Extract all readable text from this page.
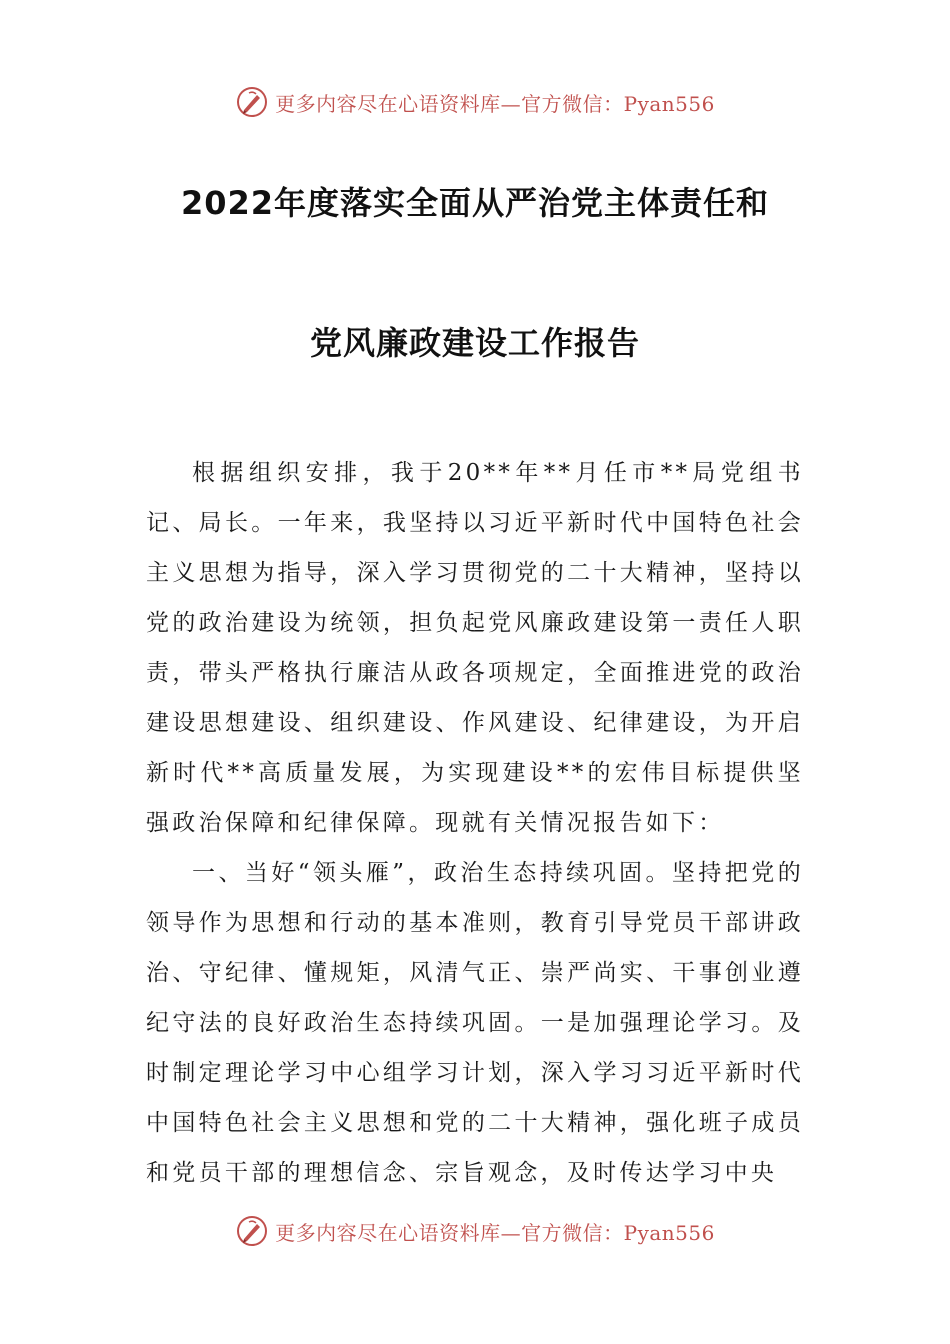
更多内容尽在心语资料库—官方微信：Pyan556
2022年度落实全面从严治党主体责任和
党风廉政建设工作报告

根据组织安排，我于20**年**月任市**局党组书记、局长。一年来，我坚持以习近平新时代中国特色社会主义思想为指导，深入学习贯彻党的二十大精神，坚持以党的政治建设为统领，担负起党风廉政建设第一责任人职责，带头严格执行廉洁从政各项规定，全面推进党的政治建设思想建设、组织建设、作风建设、纪律建设，为开启新时代**高质量发展，为实现建设**的宏伟目标提供坚强政治保障和纪律保障。现就有关情况报告如下：

一、当好“领头雁”，政治生态持续巩固。坚持把党的领导作为思想和行动的基本准则，教育引导党员干部讲政治、守纪律、懂规矩，风清气正、崇严尚实、干事创业遵纪守法的良好政治生态持续巩固。一是加强理论学习。及时制定理论学习中心组学习计划，深入学习习近平新时代中国特色社会主义思想和党的二十大精神，强化班子成员和党员干部的理想信念、宗旨观念，及时传达学习中央

更多内容尽在心语资料库—官方微信：Pyan556
